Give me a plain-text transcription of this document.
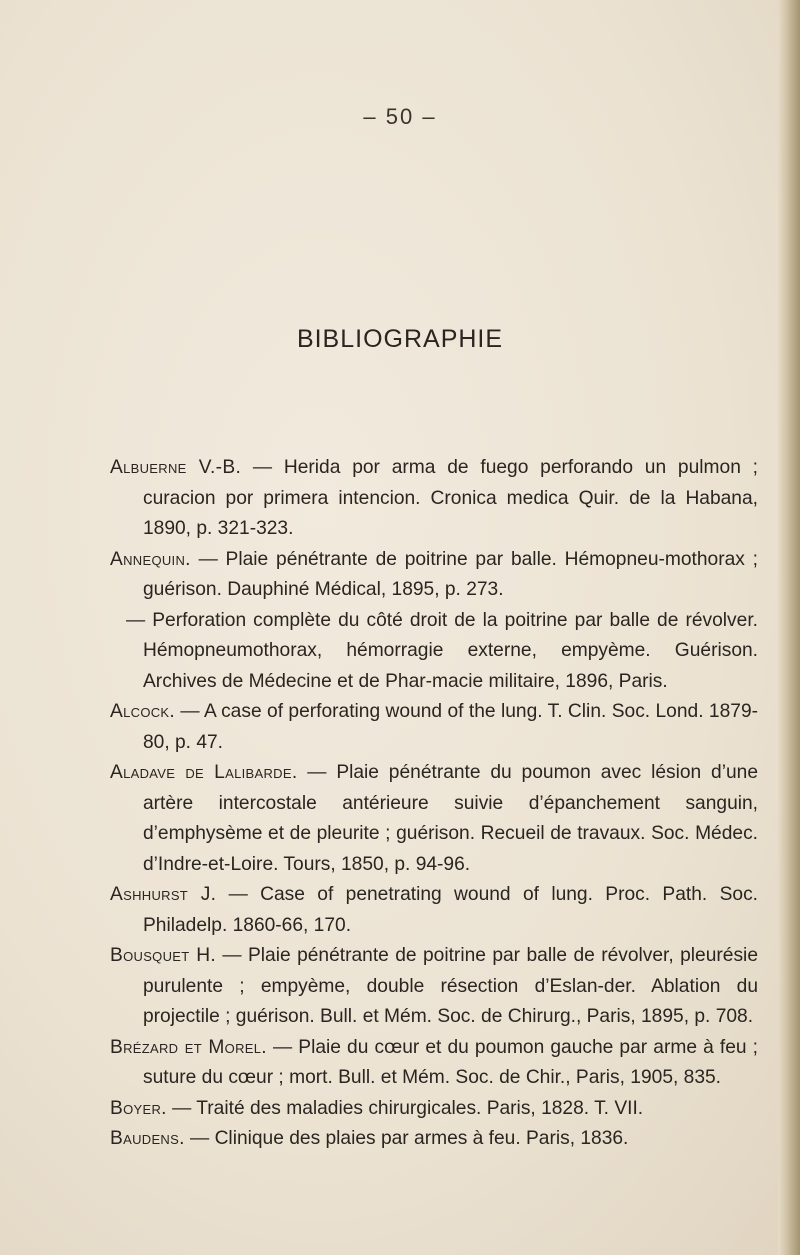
– 50 –
BIBLIOGRAPHIE

Albuerne V.-B. — Herida por arma de fuego perforando un pulmon ; curacion por primera intencion. Cronica medica Quir. de la Habana, 1890, p. 321-323.

Annequin. — Plaie pénétrante de poitrine par balle. Hémopneu-mothorax ; guérison. Dauphiné Médical, 1895, p. 273.

— Perforation complète du côté droit de la poitrine par balle de révolver. Hémopneumothorax, hémorragie externe, empyème. Guérison. Archives de Médecine et de Phar-macie militaire, 1896, Paris.

Alcock. — A case of perforating wound of the lung. T. Clin. Soc. Lond. 1879-80, p. 47.

Aladave de Lalibarde. — Plaie pénétrante du poumon avec lésion d’une artère intercostale antérieure suivie d’épanchement sanguin, d’emphysème et de pleurite ; guérison. Recueil de travaux. Soc. Médec. d’Indre-et-Loire. Tours, 1850, p. 94-96.

Ashhurst J. — Case of penetrating wound of lung. Proc. Path. Soc. Philadelp. 1860-66, 170.

Bousquet H. — Plaie pénétrante de poitrine par balle de révolver, pleurésie purulente ; empyème, double résection d’Eslan-der. Ablation du projectile ; guérison. Bull. et Mém. Soc. de Chirurg., Paris, 1895, p. 708.

Brézard et Morel. — Plaie du cœur et du poumon gauche par arme à feu ; suture du cœur ; mort. Bull. et Mém. Soc. de Chir., Paris, 1905, 835.

Boyer. — Traité des maladies chirurgicales. Paris, 1828. T. VII.

Baudens. — Clinique des plaies par armes à feu. Paris, 1836.
